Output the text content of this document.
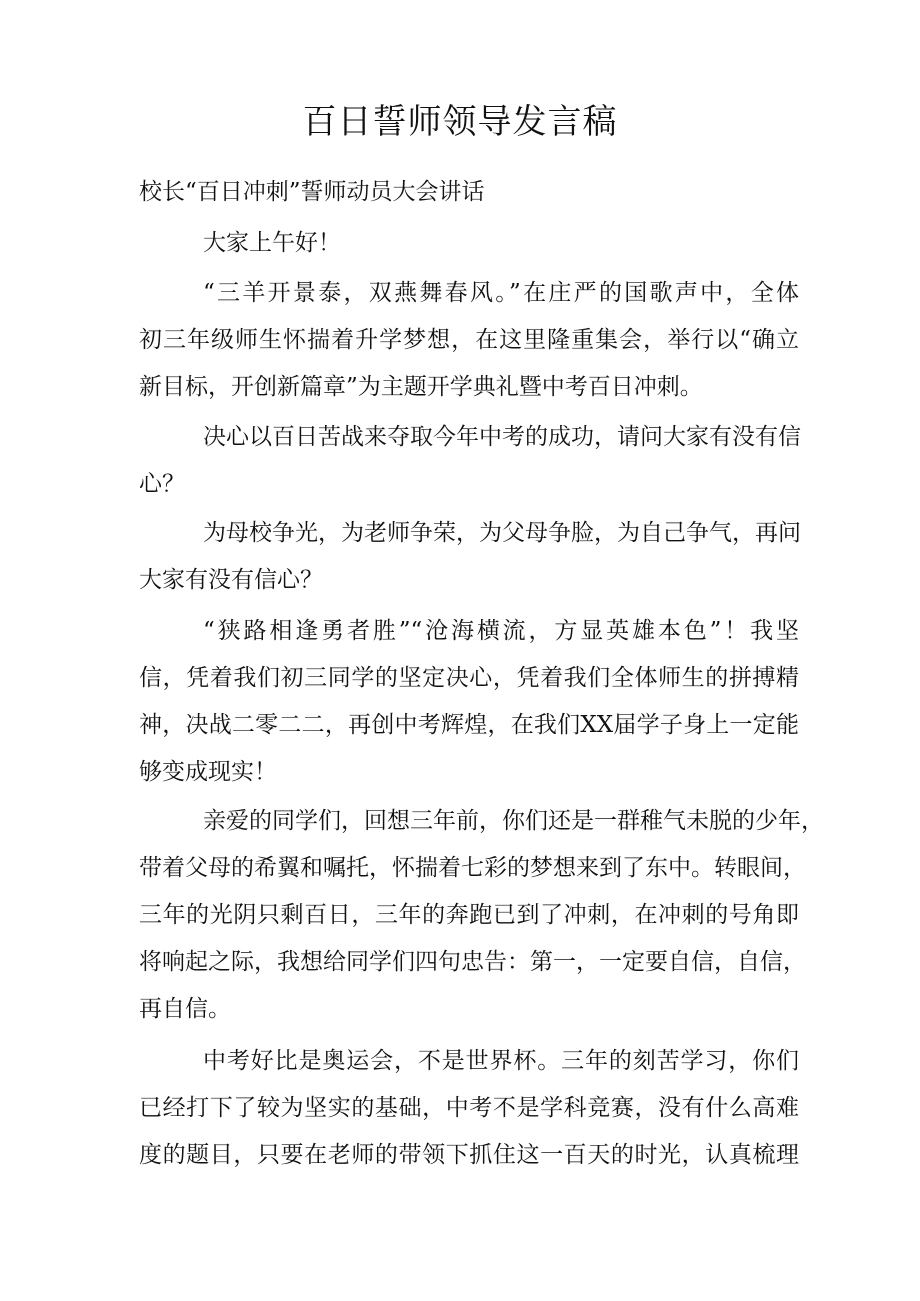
百日誓师领导发言稿
校长“百日冲刺”誓师动员大会讲话
大家上午好！
“三羊开景泰，双燕舞春风。”在庄严的国歌声中，全体
初三年级师生怀揣着升学梦想，在这里隆重集会，举行以“确立
新目标，开创新篇章”为主题开学典礼暨中考百日冲刺。
决心以百日苦战来夺取今年中考的成功，请问大家有没有信
心？
为母校争光，为老师争荣，为父母争脸，为自己争气，再问
大家有没有信心？
“狭路相逢勇者胜”“沧海横流，方显英雄本色”！我坚
信，凭着我们初三同学的坚定决心，凭着我们全体师生的拼搏精
神，决战二零二二，再创中考辉煌，在我们XX届学子身上一定能
够变成现实！
亲爱的同学们，回想三年前，你们还是一群稚气未脱的少年，
带着父母的希翼和嘱托，怀揣着七彩的梦想来到了东中。转眼间，
三年的光阴只剩百日，三年的奔跑已到了冲刺，在冲刺的号角即
将响起之际，我想给同学们四句忠告：第一，一定要自信，自信，
再自信。
中考好比是奥运会，不是世界杯。三年的刻苦学习，你们
已经打下了较为坚实的基础，中考不是学科竞赛，没有什么高难
度的题目，只要在老师的带领下抓住这一百天的时光，认真梳理
